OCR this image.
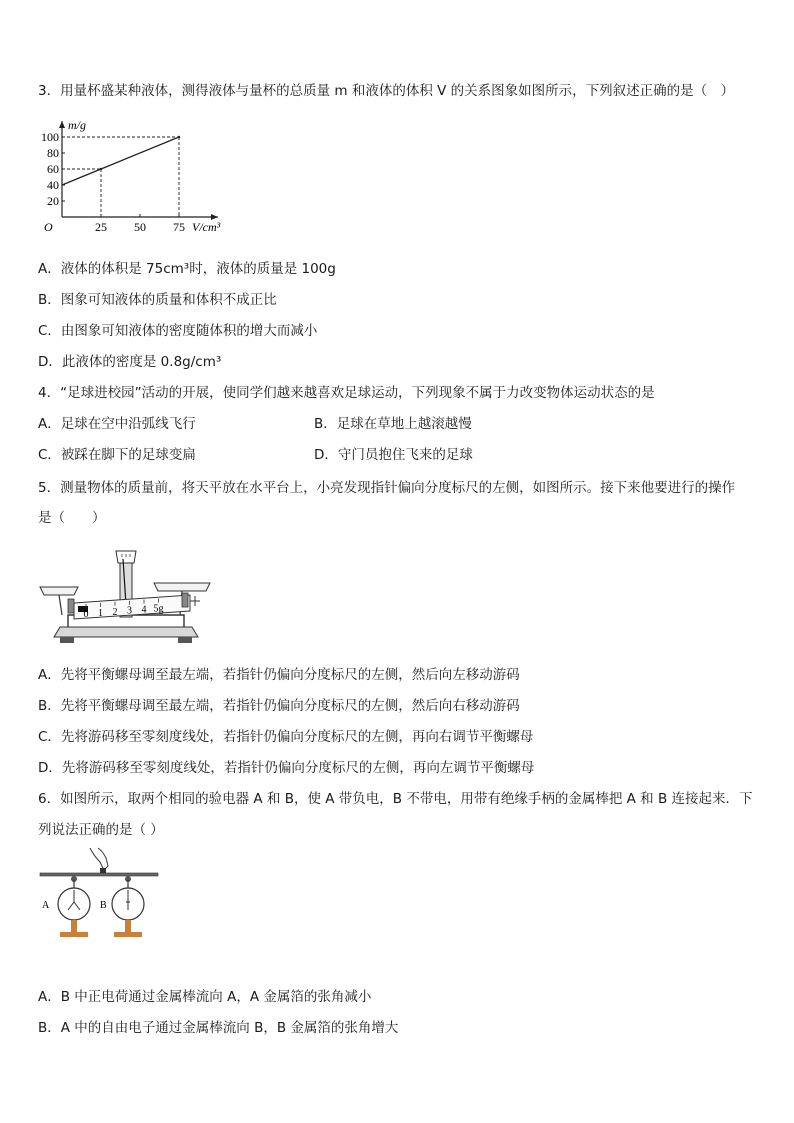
3．用量杯盛某种液体，测得液体与量杯的总质量 m 和液体的体积 V 的关系图象如图所示，下列叙述正确的是（　）
V/cm³
m/g
O	25 50 75
20
40
60
80
100
A．液体的体积是 75cm³时，液体的质量是 100g
B．图象可知液体的质量和体积不成正比
C．由图象可知液体的密度随体积的增大而减小
D．此液体的密度是 0.8g/cm³
4．“足球进校园”活动的开展，使同学们越来越喜欢足球运动，下列现象不属于力改变物体运动状态的是
A．足球在空中沿弧线飞行	B．足球在草地上越滚越慢
C．被踩在脚下的足球变扁	D．守门员抱住飞来的足球
5．测量物体的质量前，将天平放在水平台上，小亮发现指针偏向分度标尺的左侧，如图所示。接下来他要进行的操作
是（　　）
0 1 2 3 4 5g
A．先将平衡螺母调至最左端，若指针仍偏向分度标尺的左侧，然后向左移动游码
B．先将平衡螺母调至最左端，若指针仍偏向分度标尺的左侧，然后向右移动游码
C．先将游码移至零刻度线处，若指针仍偏向分度标尺的左侧，再向右调节平衡螺母
D．先将游码移至零刻度线处，若指针仍偏向分度标尺的左侧，再向左调节平衡螺母
6．如图所示，取两个相同的验电器 A 和 B，使 A 带负电，B 不带电，用带有绝缘手柄的金属棒把 A 和 B 连接起来．下
列说法正确的是（ ）
A	B
A．B 中正电荷通过金属棒流向 A，A 金属箔的张角减小
B．A 中的自由电子通过金属棒流向 B，B 金属箔的张角增大
